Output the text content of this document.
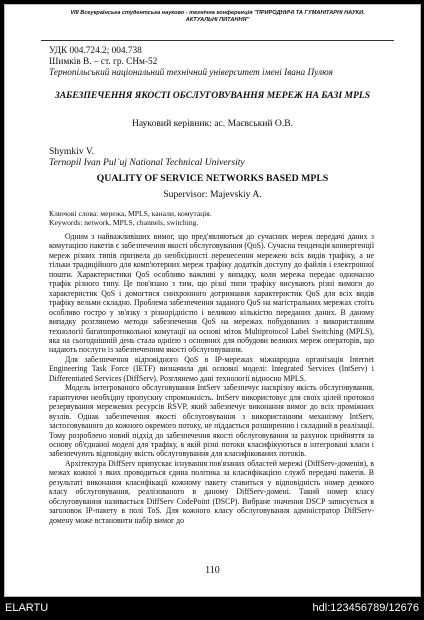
VIII Всеукраїнська студентська науково - технічна конференція "ПРИРОДНИЧІ ТА ГУМАНІТАРНІ НАУКИ.
АКТУАЛЬНІ ПИТАННЯ"
УДК 004.724.2; 004.738
Шимків В. – ст. гр. СНм-52
Тернопільський національний технічний університет імені Івана Пулюя
ЗАБЕЗПЕЧЕННЯ ЯКОСТІ ОБСЛУГОВУВАННЯ МЕРЕЖ НА БАЗІ MPLS
Науковий керівник: ас. Маєвський О.В.
Shymkiv V.
Ternopil Ivan Pul`uj National Technical University
QUALITY OF SERVICE NETWORKS BASED MPLS
Supervisor: Majevskiy A.
Ключові слова: мережа, MPLS, канали, комутація.
Keywords: network, MPLS, channels, switching.

Одним з найважливіших вимог, що пред'являються до сучасних мереж передачі даних з комутацією пакетів є забезпечення якості обслуговування (QoS). Сучасна тенденція конвергенції мереж різних типів призвела до необхідності перенесення мережею всіх видів трафіку, а не тільки традиційного для комп'ютерних мереж трафіку додатків доступу до файлів і електронної пошти. Характеристики QoS особливо важливі у випадку, коли мережа передає одночасно трафік різного типу. Це пов'язано з тим, що різні типи трафіку висувають різні вимоги до характеристик QoS і домогтися синхронного дотримання характеристик QoS для всіх видів трафіку вельми складно. Проблема забезпечення заданого QoS на магістральних мережах стоїть особливо гостро у зв'язку з різнорідністю і великою кількістю переданих даних. В даному випадку розглянемо методи забезпечення QoS на мережах побудованих з використанням технології багатопротокольної комутації на основі міток Multiprotocol Label Switching (MPLS), яка на сьогоднішній день стала однією з основних для побудови великих мереж операторів, що надають послуги із забезпеченням якості обслуговування.

Для забезпечення відповідного QoS в IP-мережах міжнародна організація Internet Engineering Task Force (IETF) визначила дві основні моделі: Integrated Services (IntServ) і Differentiated Services (DiffServ). Розглянемо дані технології відносно MPLS.

Модель інтегрованого обслуговування IntServ забезпечує наскрізну якість обслуговування, гарантуючи необхідну пропускну спроможність. IntServ використовує для своїх цілей протокол резервування мережевих ресурсів RSVP, який забезпечує виконання вимог до всіх проміжних вузлів. Однак забезпечення якості обслуговування з використанням механізму IntServ, застосовуваного до кожного окремого потоку, не піддається розширенню і складний в реалізації. Тому розроблено новий підхід до забезпечення якості обслуговування за рахунок прийняття за основу об'єднаної моделі для трафіку, в якій різні потоки класифікуються в інтегровані класи і забезпечують відповідну якість обслуговування для класифікованих потоків.

Архітектура DiffServ припускає існування пов'язаних областей мережі (DiffServ-доменів), в межах кожної з яких проводиться єдина політика за класифікацією служб передачі пакетів. В результаті виконання класифікації кожному пакету ставиться у відповідність номер деякого класу обслуговування, реалізованого в даному DiffServ-домені. Такий номер класу обслуговування називається DiffServ CodePoint (DSCP). Вибране значення DSCP записується в заголовок IP-пакету в полі ToS. Для кожного класу обслуговування адміністратор DiffServ-домену може встановити набір вимог до

110
ELARTU	hdl:123456789/12676
